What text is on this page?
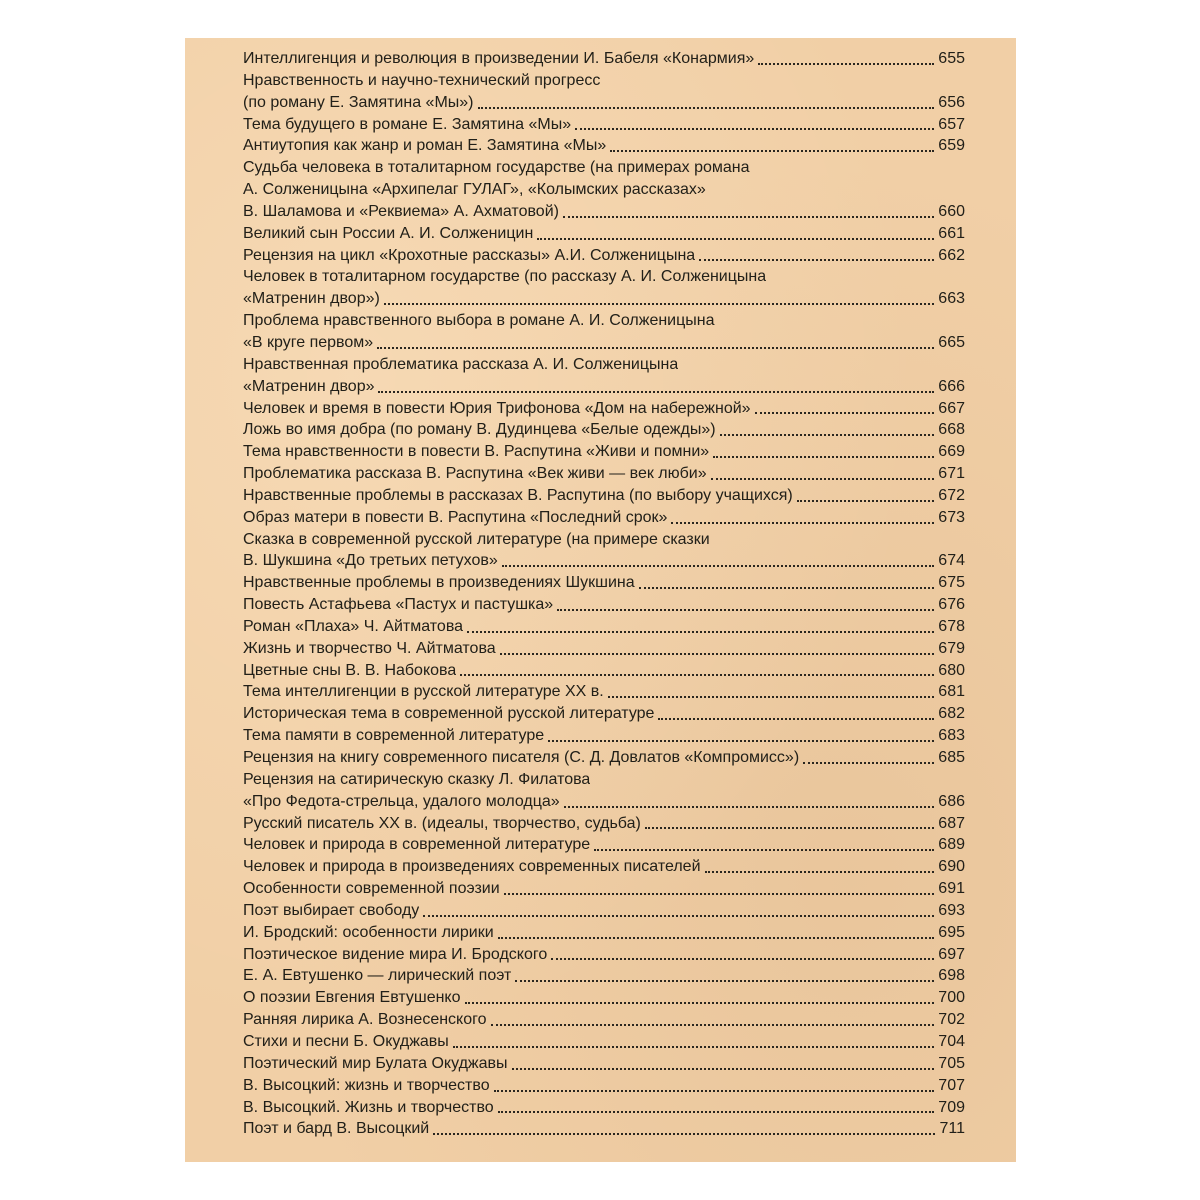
Интеллигенция и революция в произведении И. Бабеля «Конармия»	655
Нравственность и научно-технический прогресс
(по роману Е. Замятина «Мы»)	656
Тема будущего в романе Е. Замятина «Мы»	657
Антиутопия как жанр и роман Е. Замятина «Мы»	659
Судьба человека в тоталитарном государстве (на примерах романа
А. Солженицына «Архипелаг ГУЛАГ», «Колымских рассказах»
В. Шаламова и «Реквиема» А. Ахматовой)	660
Великий сын России А. И. Солженицин	661
Рецензия на цикл «Крохотные рассказы» А.И. Солженицына	662
Человек в тоталитарном государстве (по рассказу А. И. Солженицына
«Матренин двор»)	663
Проблема нравственного выбора в романе А. И. Солженицына
«В круге первом»	665
Нравственная проблематика рассказа А. И. Солженицына
«Матренин двор»	666
Человек и время в повести Юрия Трифонова «Дом на набережной»	667
Ложь во имя добра (по роману В. Дудинцева «Белые одежды»)	668
Тема нравственности в повести В. Распутина «Живи и помни»	669
Проблематика рассказа В. Распутина «Век живи — век люби»	671
Нравственные проблемы в рассказах В. Распутина (по выбору учащихся)	672
Образ матери в повести В. Распутина «Последний срок»	673
Сказка в современной русской литературе (на примере сказки
В. Шукшина «До третьих петухов»	674
Нравственные проблемы в произведениях Шукшина	675
Повесть Астафьева «Пастух и пастушка»	676
Роман «Плаха» Ч. Айтматова	678
Жизнь и творчество Ч. Айтматова	679
Цветные сны В. В. Набокова	680
Тема интеллигенции в русской литературе XX в.	681
Историческая тема в современной русской литературе	682
Тема памяти в современной литературе	683
Рецензия на книгу современного писателя (С. Д. Довлатов «Компромисс»)	685
Рецензия на сатирическую сказку Л. Филатова
«Про Федота-стрельца, удалого молодца»	686
Русский писатель XX в. (идеалы, творчество, судьба)	687
Человек и природа в современной литературе	689
Человек и природа в произведениях современных писателей	690
Особенности современной поэзии	691
Поэт выбирает свободу	693
И. Бродский: особенности лирики	695
Поэтическое видение мира И. Бродского	697
Е. А. Евтушенко — лирический поэт	698
О поэзии Евгения Евтушенко	700
Ранняя лирика А. Вознесенского	702
Стихи и песни Б. Окуджавы	704
Поэтический мир Булата Окуджавы	705
В. Высоцкий: жизнь и творчество	707
В. Высоцкий. Жизнь и творчество	709
Поэт и бард В. Высоцкий	711
